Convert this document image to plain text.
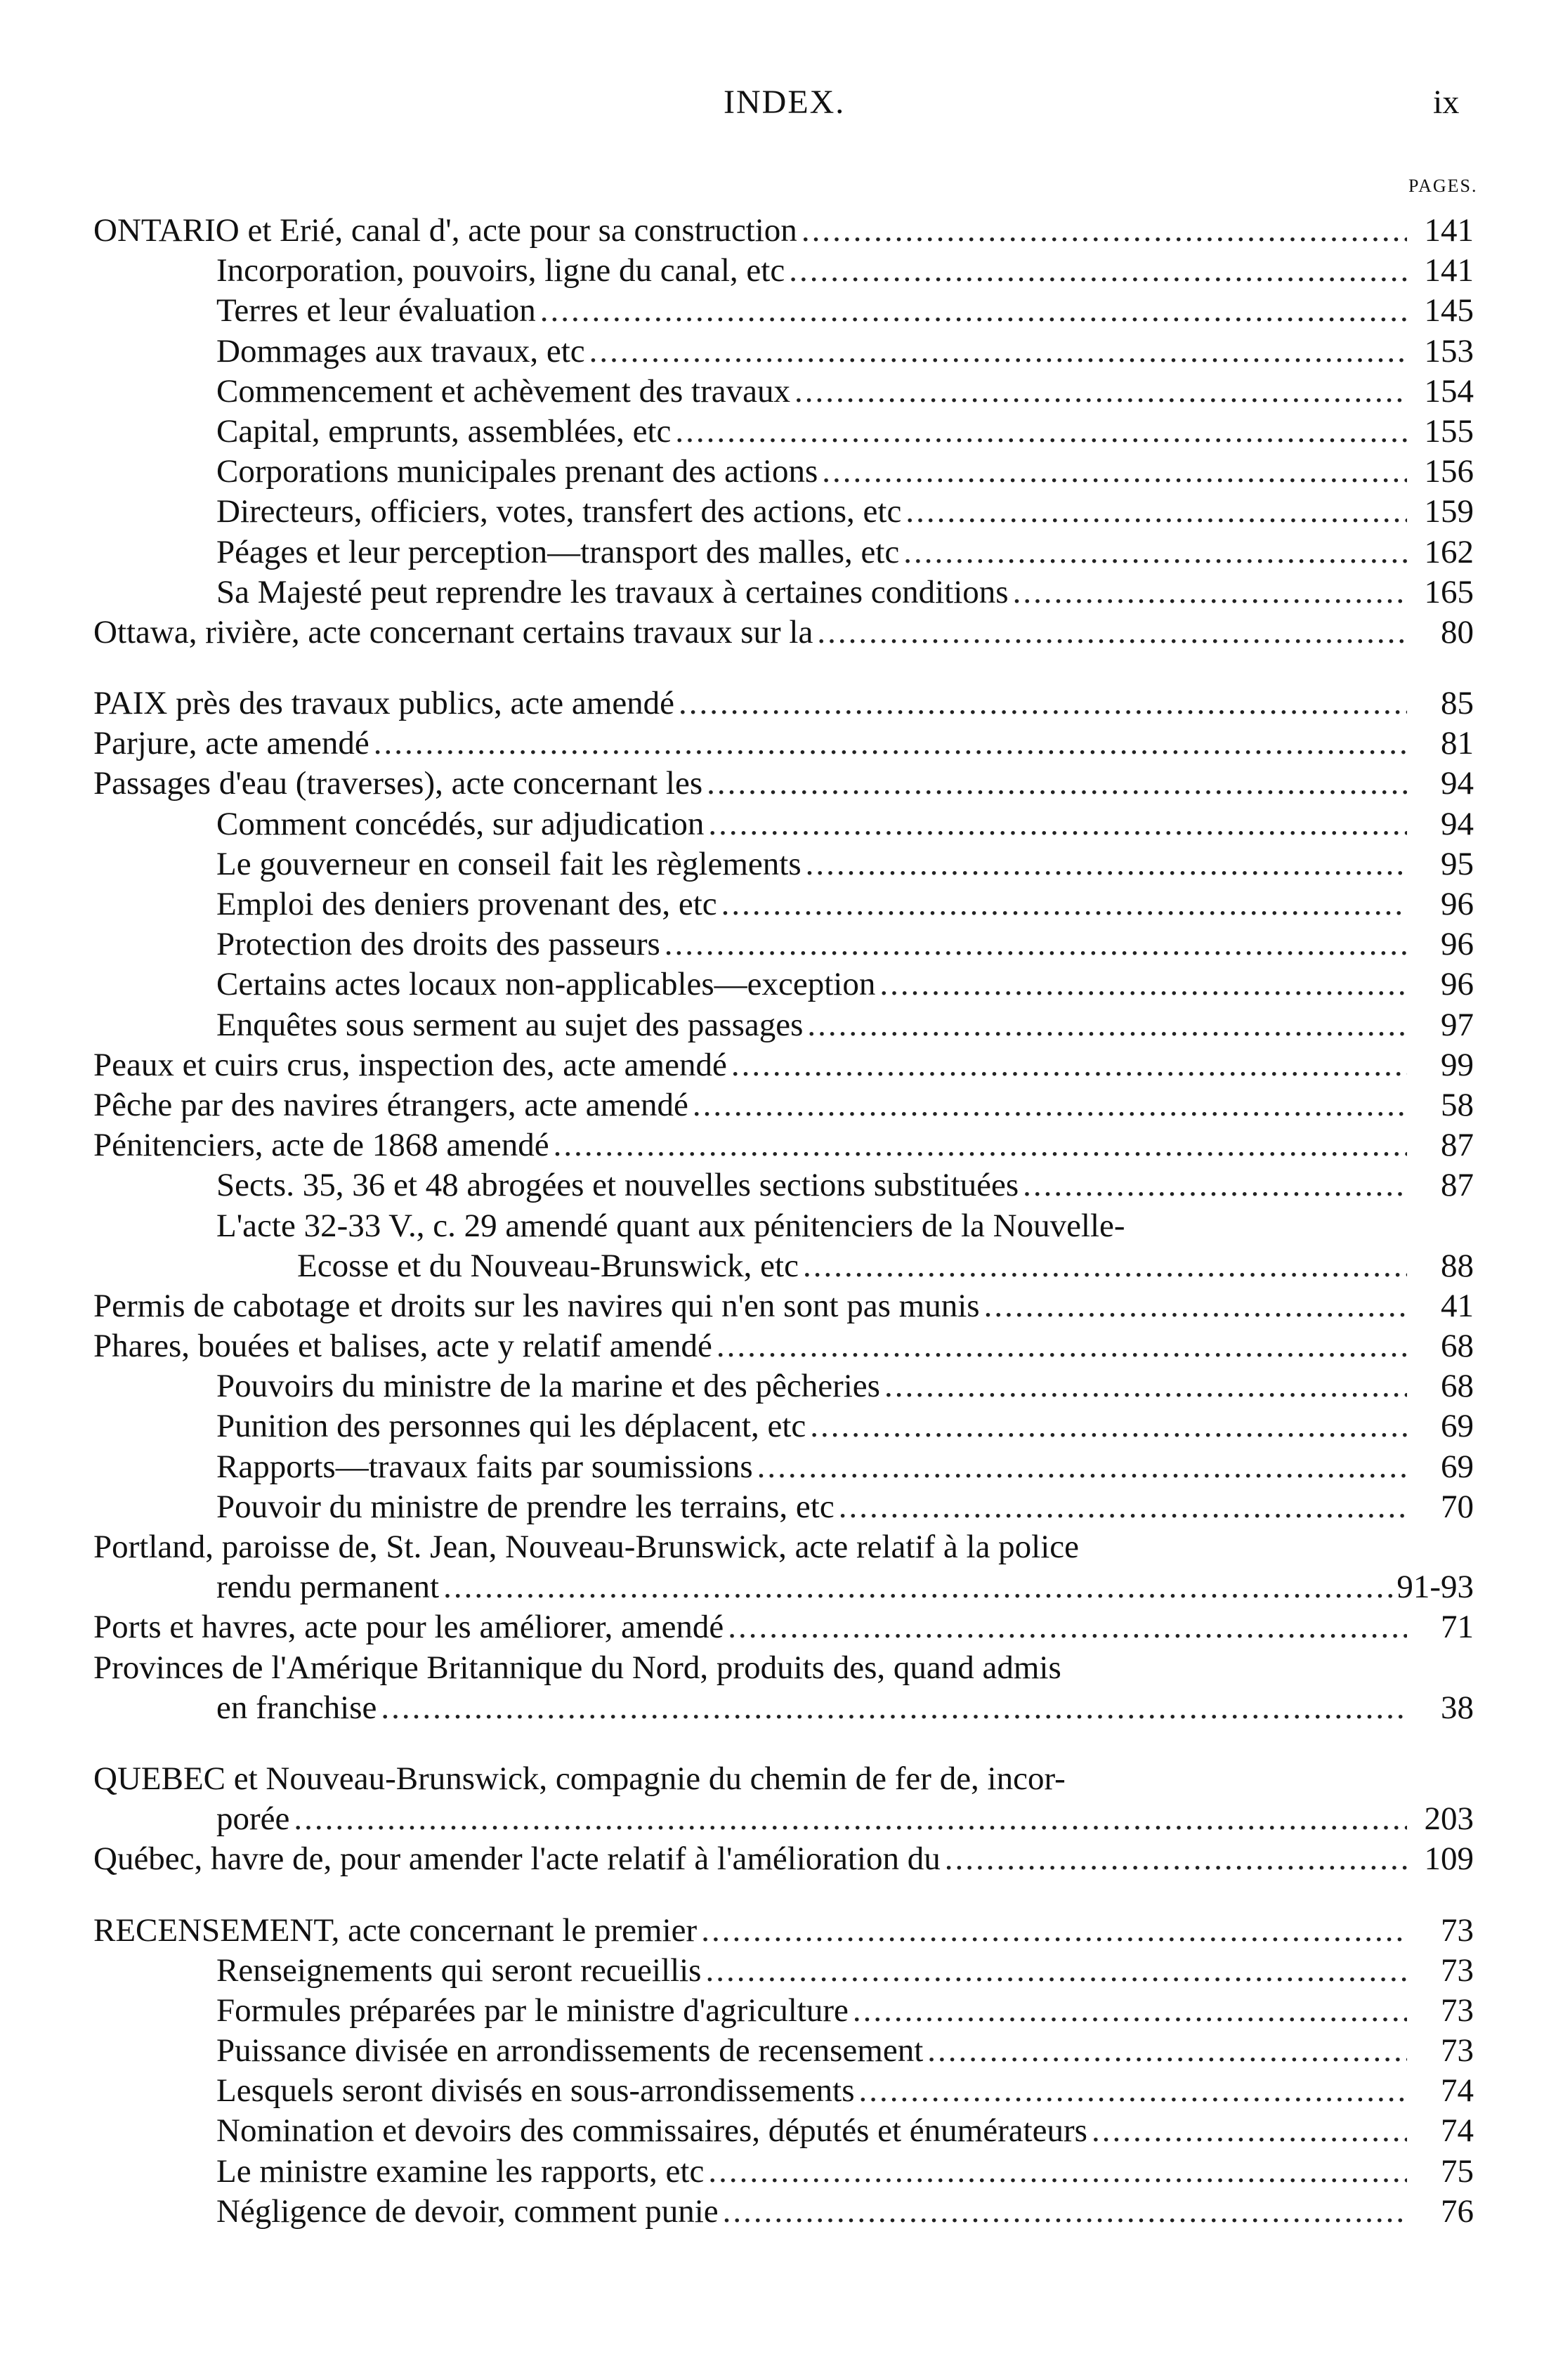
INDEX.	ix
PAGES.
ONTARIO et Erié, canal d', acte pour sa construction .....	141
Incorporation, pouvoirs, ligne du canal, etc .....	141
Terres et leur évaluation .....	145
Dommages aux travaux, etc .....	153
Commencement et achèvement des travaux .....	154
Capital, emprunts, assemblées, etc .....	155
Corporations municipales prenant des actions .....	156
Directeurs, officiers, votes, transfert des actions, etc .....	159
Péages et leur perception—transport des malles, etc .....	162
Sa Majesté peut reprendre les travaux à certaines conditions .....	165
Ottawa, rivière, acte concernant certains travaux sur la .....	80
PAIX près des travaux publics, acte amendé .....	85
Parjure, acte amendé .....	81
Passages d'eau (traverses), acte concernant les .....	94
Comment concédés, sur adjudication .....	94
Le gouverneur en conseil fait les règlements .....	95
Emploi des deniers provenant des, etc .....	96
Protection des droits des passeurs .....	96
Certains actes locaux non-applicables—exception .....	96
Enquêtes sous serment au sujet des passages .....	97
Peaux et cuirs crus, inspection des, acte amendé .....	99
Pêche par des navires étrangers, acte amendé .....	58
Pénitenciers, acte de 1868 amendé .....	87
Sects. 35, 36 et 48 abrogées et nouvelles sections substituées .....	87
L'acte 32-33 V., c. 29 amendé quant aux pénitenciers de la Nouvelle-
Ecosse et du Nouveau-Brunswick, etc .....	88
Permis de cabotage et droits sur les navires qui n'en sont pas munis .....	41
Phares, bouées et balises, acte y relatif amendé .....	68
Pouvoirs du ministre de la marine et des pêcheries .....	68
Punition des personnes qui les déplacent, etc .....	69
Rapports—travaux faits par soumissions .....	69
Pouvoir du ministre de prendre les terrains, etc .....	70
Portland, paroisse de, St. Jean, Nouveau-Brunswick, acte relatif à la police
rendu permanent .....	91-93
Ports et havres, acte pour les améliorer, amendé .....	71
Provinces de l'Amérique Britannique du Nord, produits des, quand admis
en franchise .....	38
QUEBEC et Nouveau-Brunswick, compagnie du chemin de fer de, incor-
porée .....	203
Québec, havre de, pour amender l'acte relatif à l'amélioration du .....	109
RECENSEMENT, acte concernant le premier .....	73
Renseignements qui seront recueillis .....	73
Formules préparées par le ministre d'agriculture .....	73
Puissance divisée en arrondissements de recensement .....	73
Lesquels seront divisés en sous-arrondissements .....	74
Nomination et devoirs des commissaires, députés et énumérateurs .....	74
Le ministre examine les rapports, etc .....	75
Négligence de devoir, comment punie .....	76
